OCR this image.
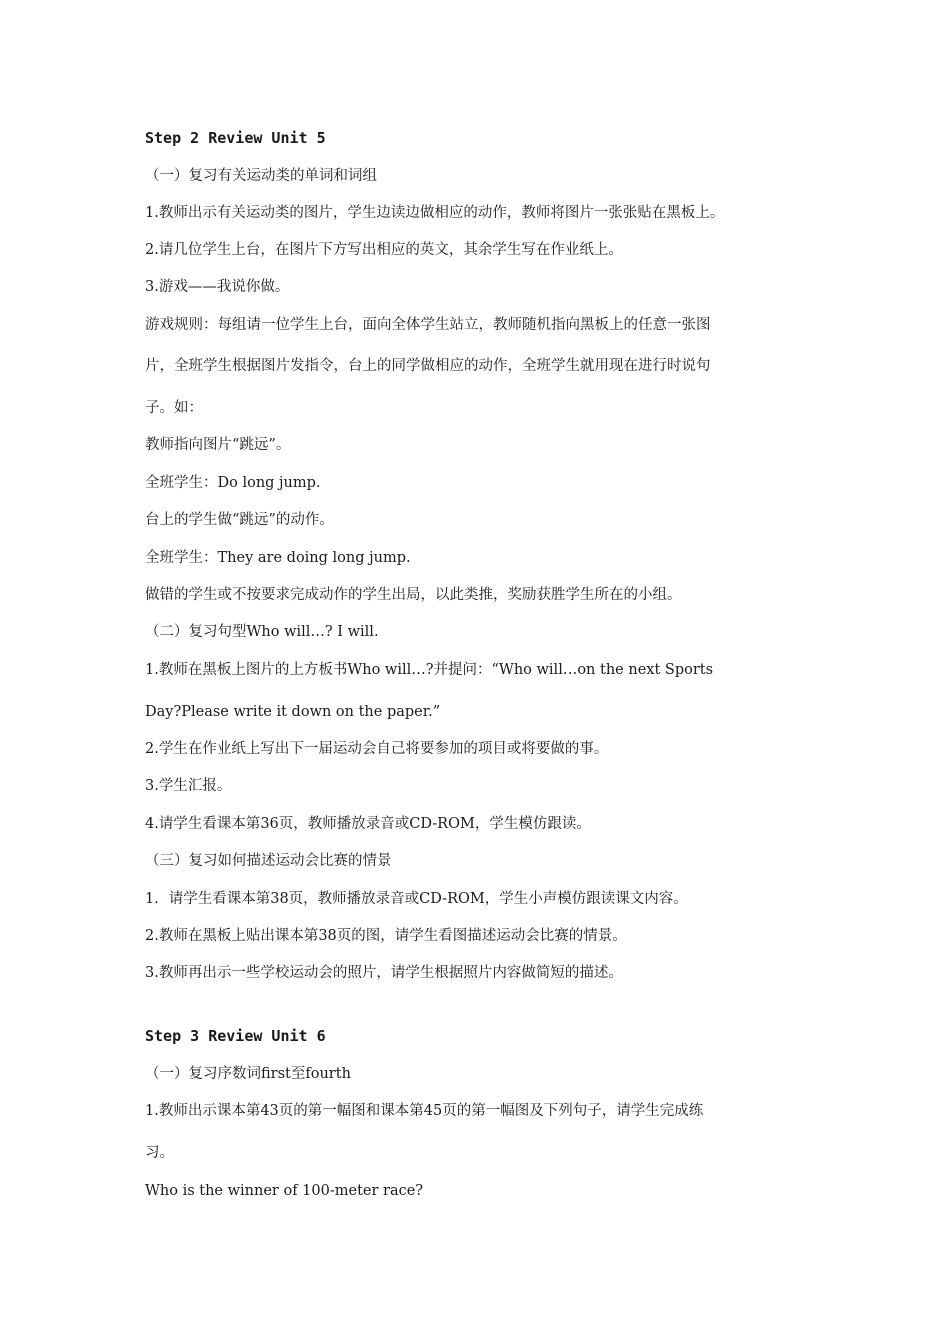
Step 2 Review Unit 5
（一）复习有关运动类的单词和词组
1.教师出示有关运动类的图片，学生边读边做相应的动作，教师将图片一张张贴在黑板上。
2.请几位学生上台，在图片下方写出相应的英文，其余学生写在作业纸上。
3.游戏——我说你做。
游戏规则：每组请一位学生上台，面向全体学生站立，教师随机指向黑板上的任意一张图
片，全班学生根据图片发指令，台上的同学做相应的动作，全班学生就用现在进行时说句
子。如：
教师指向图片“跳远”。
全班学生：Do long jump.
台上的学生做“跳远”的动作。
全班学生：They are doing long jump.
做错的学生或不按要求完成动作的学生出局，以此类推，奖励获胜学生所在的小组。
（二）复习句型Who will…? I will.
1.教师在黑板上图片的上方板书Who will…?并提问：“Who will…on the next Sports
Day?Please write it down on the paper.”
2.学生在作业纸上写出下一届运动会自己将要参加的项目或将要做的事。
3.学生汇报。
4.请学生看课本第36页，教师播放录音或CD-ROM，学生模仿跟读。
（三）复习如何描述运动会比赛的情景
1．请学生看课本第38页，教师播放录音或CD-ROM，学生小声模仿跟读课文内容。
2.教师在黑板上贴出课本第38页的图，请学生看图描述运动会比赛的情景。
3.教师再出示一些学校运动会的照片，请学生根据照片内容做简短的描述。
Step 3 Review Unit 6
（一）复习序数词first至fourth
1.教师出示课本第43页的第一幅图和课本第45页的第一幅图及下列句子，请学生完成练
习。
Who is the winner of 100-meter race?
